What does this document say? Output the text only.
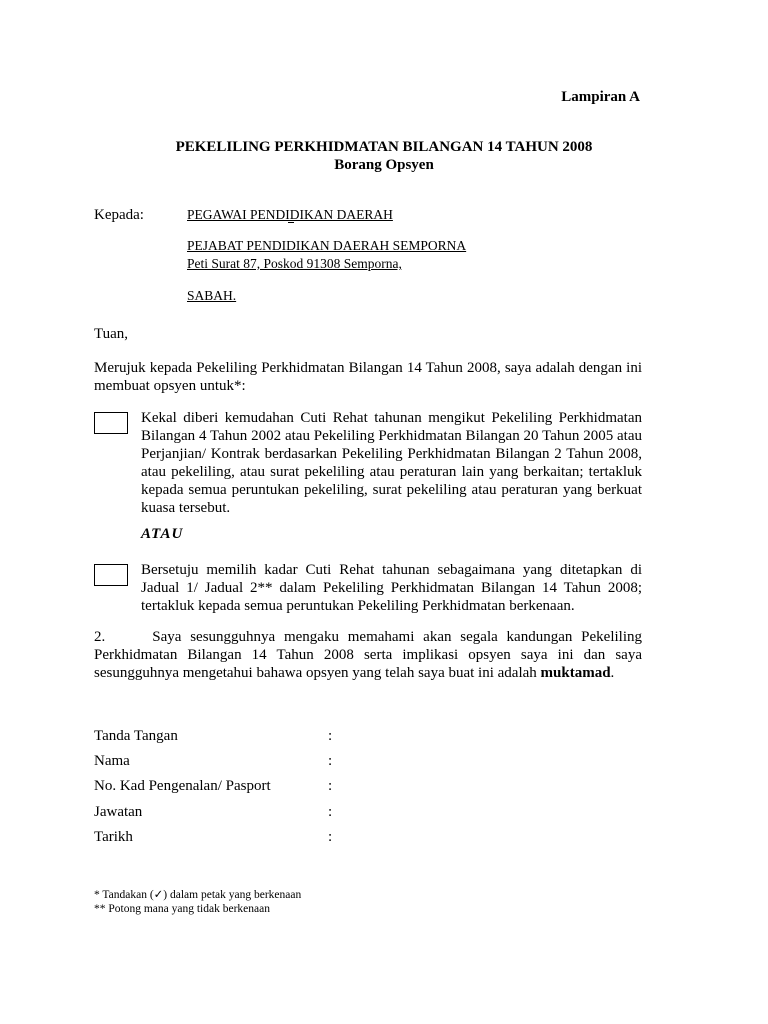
Lampiran A
PEKELILING PERKHIDMATAN BILANGAN 14 TAHUN 2008
Borang Opsyen
Kepada:	PEGAWAI PENDIDIKAN DAERAH
PEJABAT PENDIDIKAN DAERAH SEMPORNA
Peti Surat 87, Poskod 91308 Semporna,
SABAH.
Tuan,
Merujuk kepada Pekeliling Perkhidmatan Bilangan 14 Tahun 2008, saya adalah dengan ini membuat opsyen untuk*:
Kekal diberi kemudahan Cuti Rehat tahunan mengikut Pekeliling Perkhidmatan Bilangan 4 Tahun 2002 atau Pekeliling Perkhidmatan Bilangan 20 Tahun 2005 atau Perjanjian/ Kontrak berdasarkan Pekeliling Perkhidmatan Bilangan 2 Tahun 2008, atau pekeliling, atau surat pekeliling atau peraturan lain yang berkaitan; tertakluk kepada semua peruntukan pekeliling, surat pekeliling atau peraturan yang berkuat kuasa tersebut.
ATAU
Bersetuju memilih kadar Cuti Rehat tahunan sebagaimana yang ditetapkan di Jadual 1/ Jadual 2** dalam Pekeliling Perkhidmatan Bilangan 14 Tahun 2008; tertakluk kepada semua peruntukan Pekeliling Perkhidmatan berkenaan.
2.	Saya sesungguhnya mengaku memahami akan segala kandungan Pekeliling Perkhidmatan Bilangan 14 Tahun 2008 serta implikasi opsyen saya ini dan saya sesungguhnya mengetahui bahawa opsyen yang telah saya buat ini adalah muktamad.
Tanda Tangan	:
Nama	:
No. Kad Pengenalan/ Pasport	:
Jawatan	:
Tarikh	:
* Tandakan (✓) dalam petak yang berkenaan
** Potong mana yang tidak berkenaan
